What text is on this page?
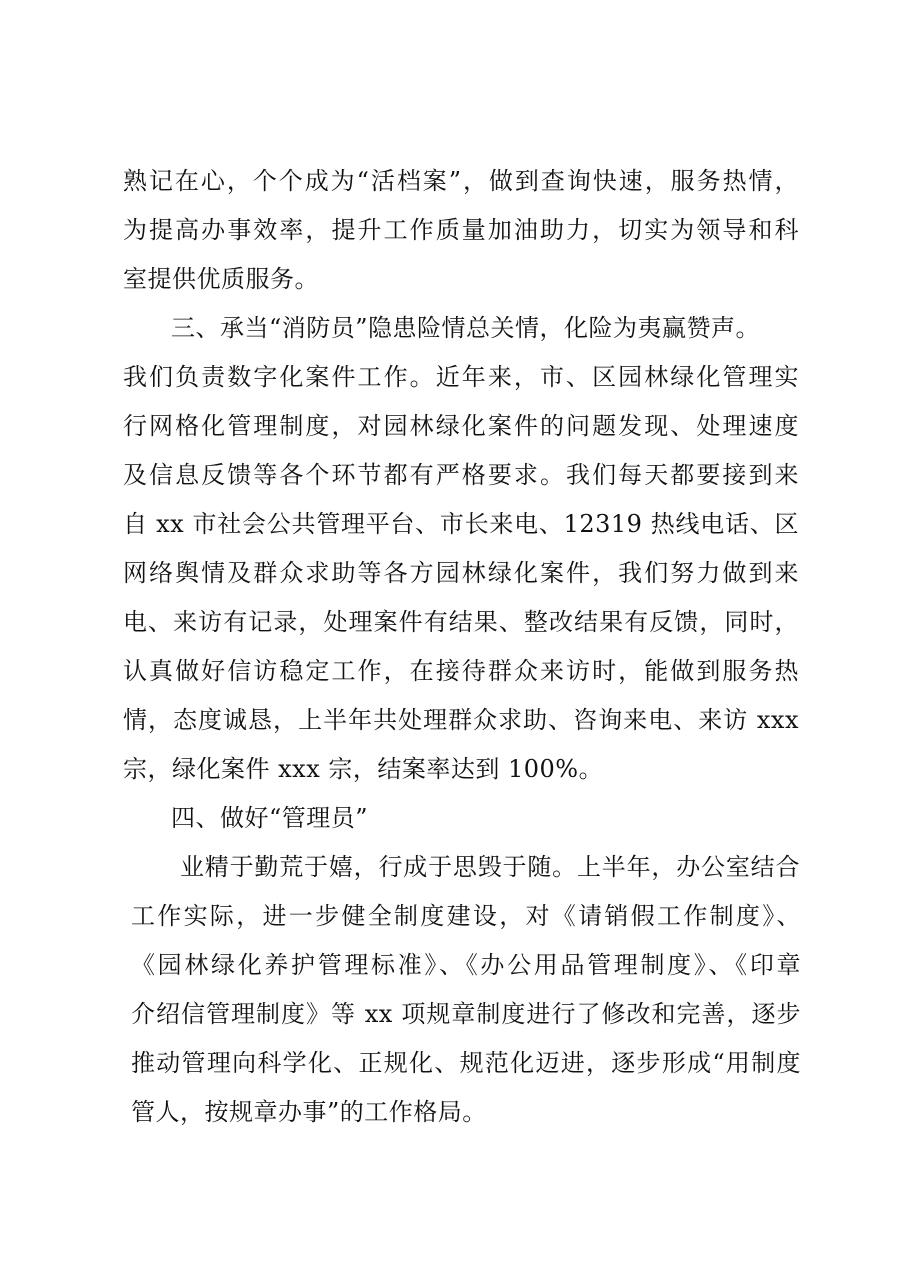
熟记在心，个个成为“活档案”，做到查询快速，服务热情，

为提高办事效率，提升工作质量加油助力，切实为领导和科

室提供优质服务。

三、承当“消防员”隐患险情总关情，化险为夷赢赞声。

我们负责数字化案件工作。近年来，市、区园林绿化管理实

行网格化管理制度，对园林绿化案件的问题发现、处理速度

及信息反馈等各个环节都有严格要求。我们每天都要接到来

自 xx 市社会公共管理平台、市长来电、12319 热线电话、区

网络舆情及群众求助等各方园林绿化案件，我们努力做到来

电、来访有记录，处理案件有结果、整改结果有反馈，同时，

认真做好信访稳定工作，在接待群众来访时，能做到服务热

情，态度诚恳，上半年共处理群众求助、咨询来电、来访 xxx

宗，绿化案件 xxx 宗，结案率达到 100%。

四、做好“管理员”

业精于勤荒于嬉，行成于思毁于随。上半年，办公室结合

工作实际，进一步健全制度建设，对《请销假工作制度》、

《园林绿化养护管理标准》、《办公用品管理制度》、《印章

介绍信管理制度》等 xx 项规章制度进行了修改和完善，逐步

推动管理向科学化、正规化、规范化迈进，逐步形成“用制度

管人，按规章办事”的工作格局。
